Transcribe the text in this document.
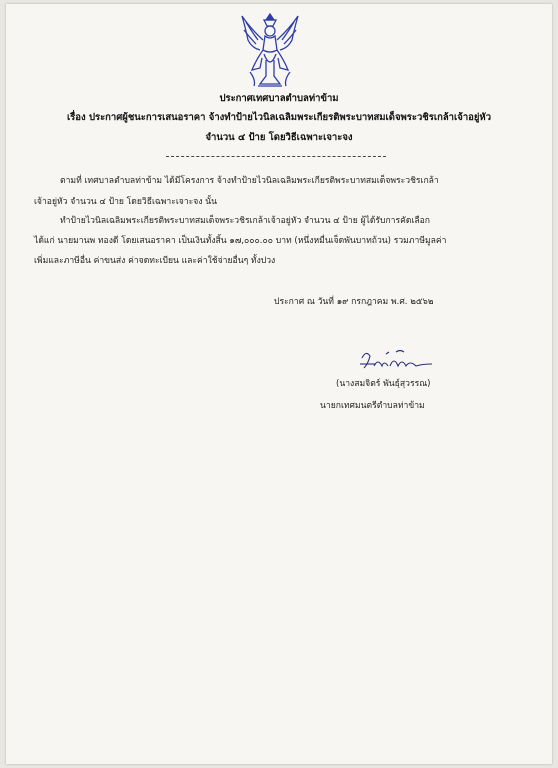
ประกาศเทศบาลตำบลท่าข้าม
เรื่อง ประกาศผู้ชนะการเสนอราคา จ้างทำป้ายไวนิลเฉลิมพระเกียรติพระบาทสมเด็จพระวชิรเกล้าเจ้าอยู่หัว
จำนวน ๔ ป้าย โดยวิธีเฉพาะเจาะจง
ตามที่ เทศบาลตำบลท่าข้าม ได้มีโครงการ จ้างทำป้ายไวนิลเฉลิมพระเกียรติพระบาทสมเด็จพระวชิรเกล้า
เจ้าอยู่หัว จำนวน ๔ ป้าย โดยวิธีเฉพาะเจาะจง นั้น
ทำป้ายไวนิลเฉลิมพระเกียรติพระบาทสมเด็จพระวชิรเกล้าเจ้าอยู่หัว จำนวน ๔ ป้าย ผู้ได้รับการคัดเลือก
ได้แก่ นายมานพ ทองดี โดยเสนอราคา เป็นเงินทั้งสิ้น ๑๗,๐๐๐.๐๐ บาท (หนึ่งหมื่นเจ็ดพันบาทถ้วน) รวมภาษีมูลค่า
เพิ่มและภาษีอื่น ค่าขนส่ง ค่าจดทะเบียน และค่าใช้จ่ายอื่นๆ ทั้งปวง
ประกาศ ณ วันที่ ๑๙ กรกฎาคม พ.ศ. ๒๕๖๒
(นางสมจิตร์ พันธุ์สุวรรณ)
นายกเทศมนตรีตำบลท่าข้าม
